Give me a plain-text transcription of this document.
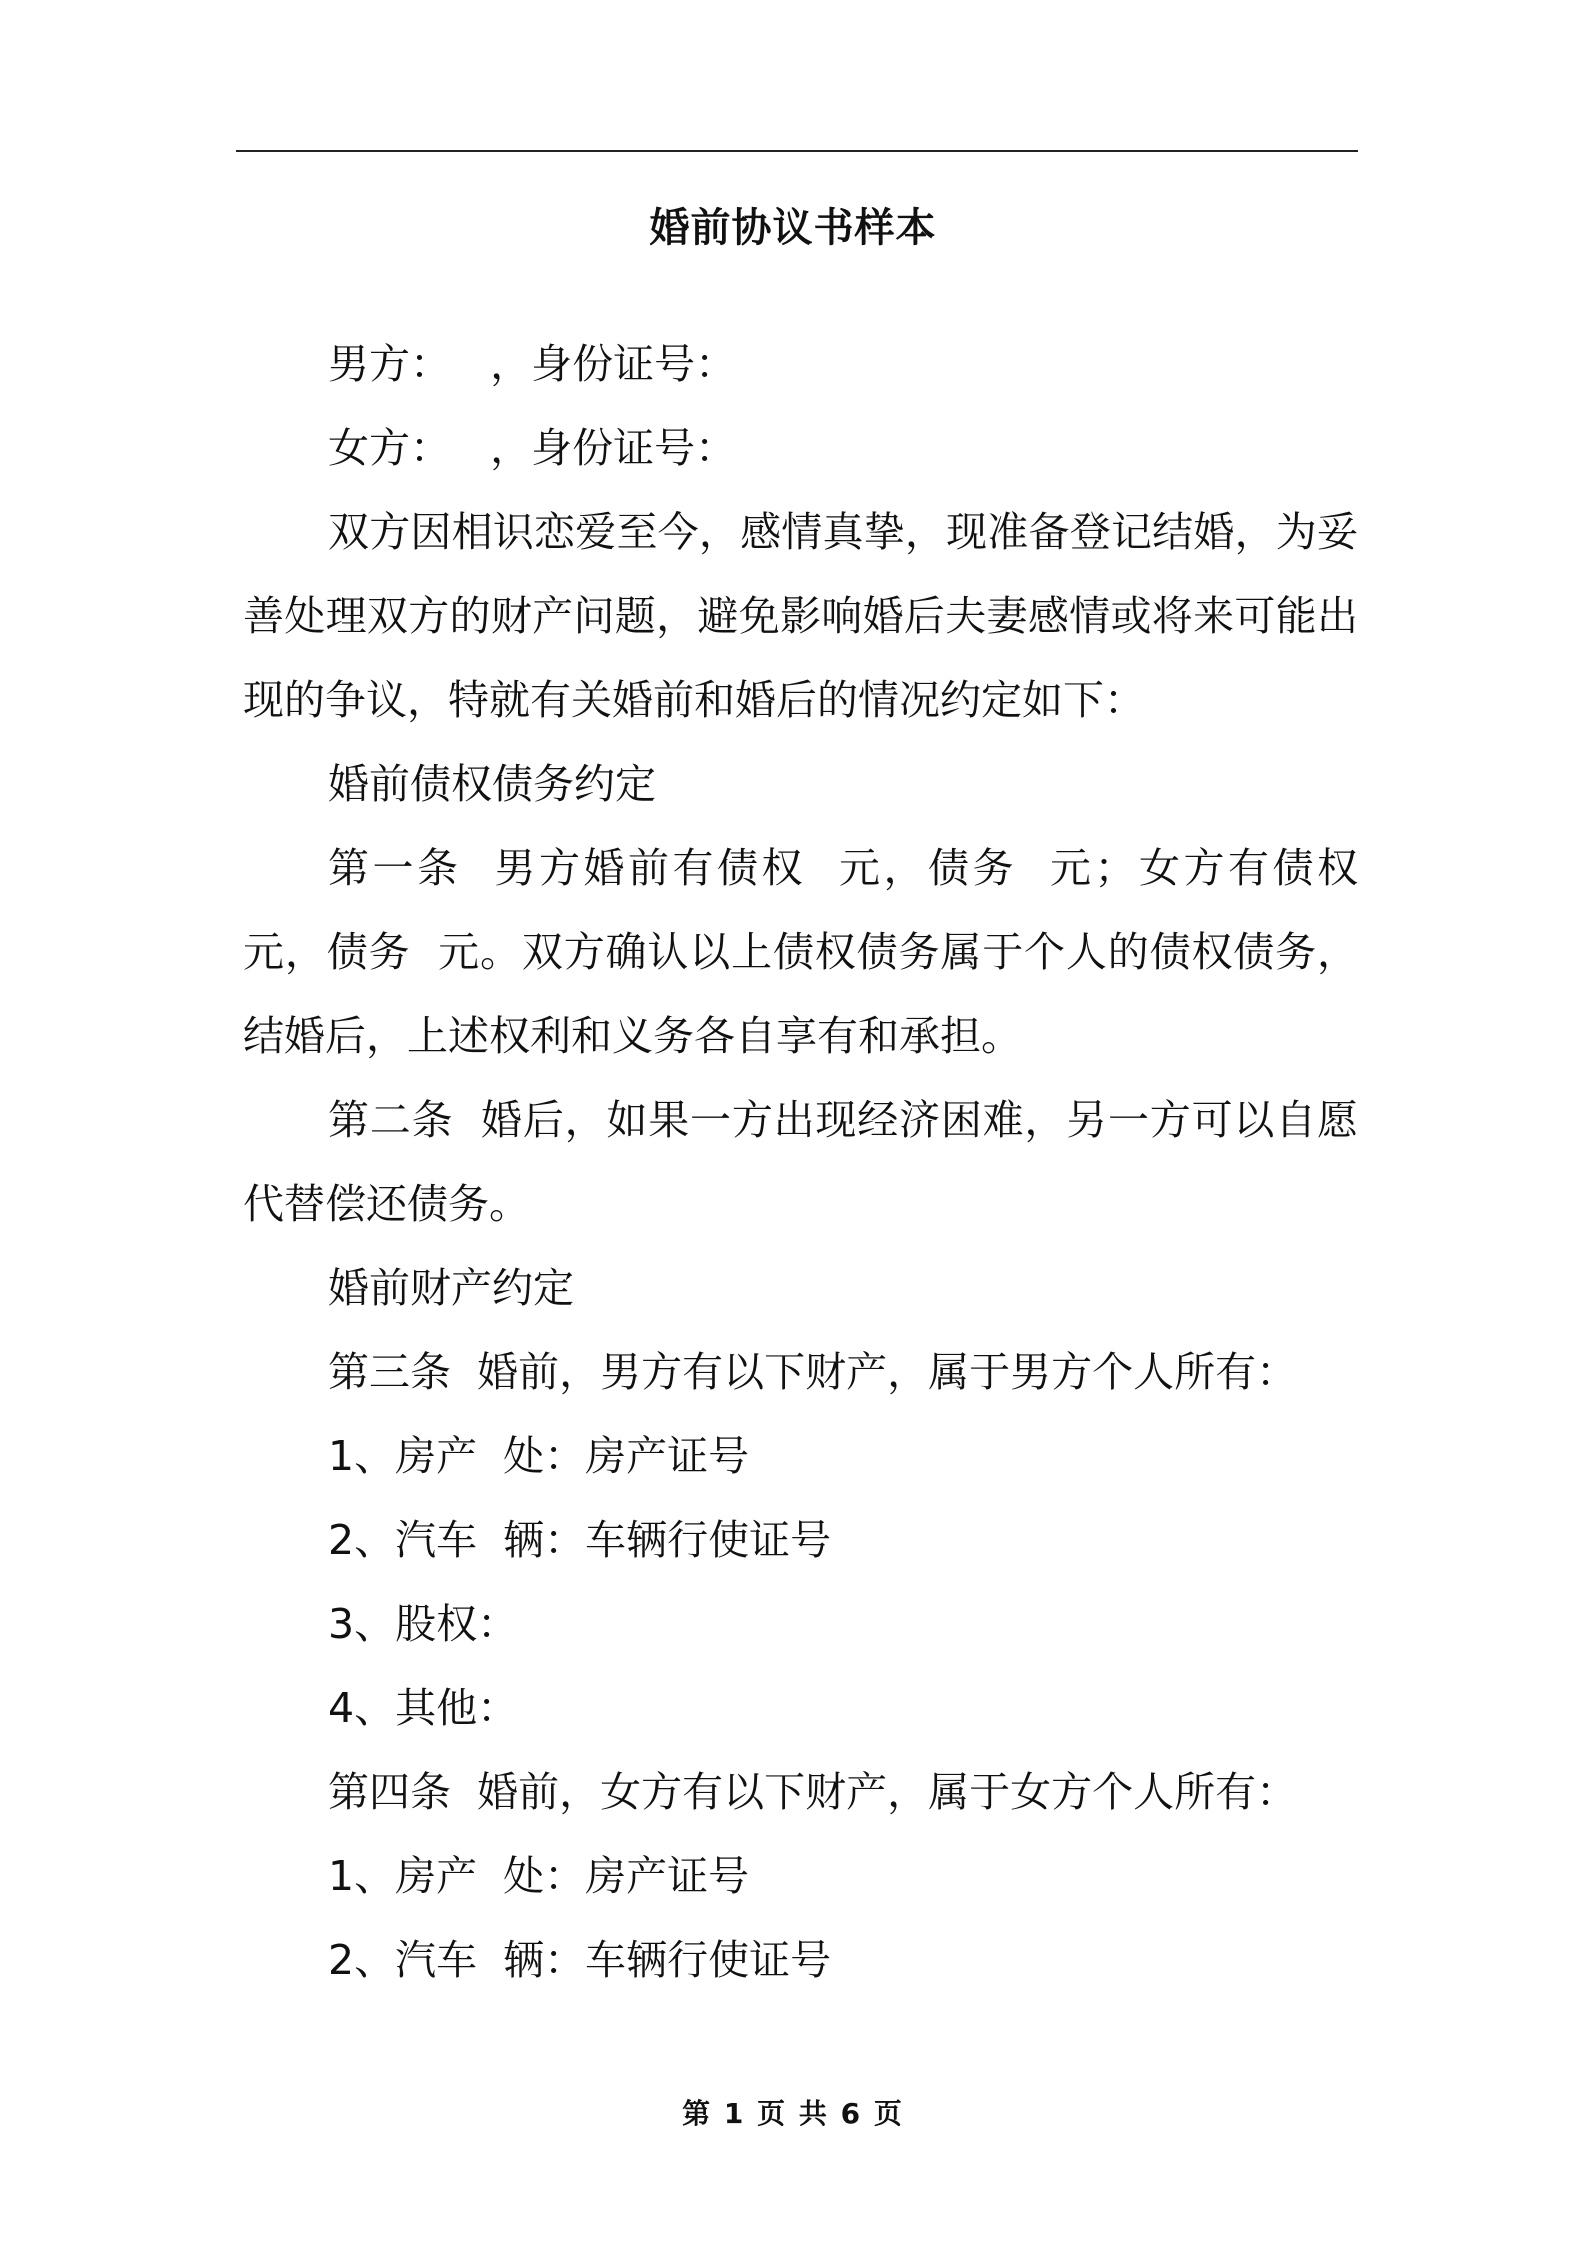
婚前协议书样本

男方：   ，身份证号：

女方：   ，身份证号：

双方因相识恋爱至今，感情真挚，现准备登记结婚，为妥善处理双方的财产问题，避免影响婚后夫妻感情或将来可能出现的争议，特就有关婚前和婚后的情况约定如下：

婚前债权债务约定

第一条  男方婚前有债权  元，债务  元；女方有债权  元，债务  元。双方确认以上债权债务属于个人的债权债务，结婚后，上述权利和义务各自享有和承担。

第二条  婚后，如果一方出现经济困难，另一方可以自愿代替偿还债务。

婚前财产约定

第三条  婚前，男方有以下财产，属于男方个人所有：

1、房产  处：房产证号

2、汽车  辆：车辆行使证号

3、股权：

4、其他：

第四条  婚前，女方有以下财产，属于女方个人所有：

1、房产  处：房产证号

2、汽车  辆：车辆行使证号

第 1 页 共 6 页
